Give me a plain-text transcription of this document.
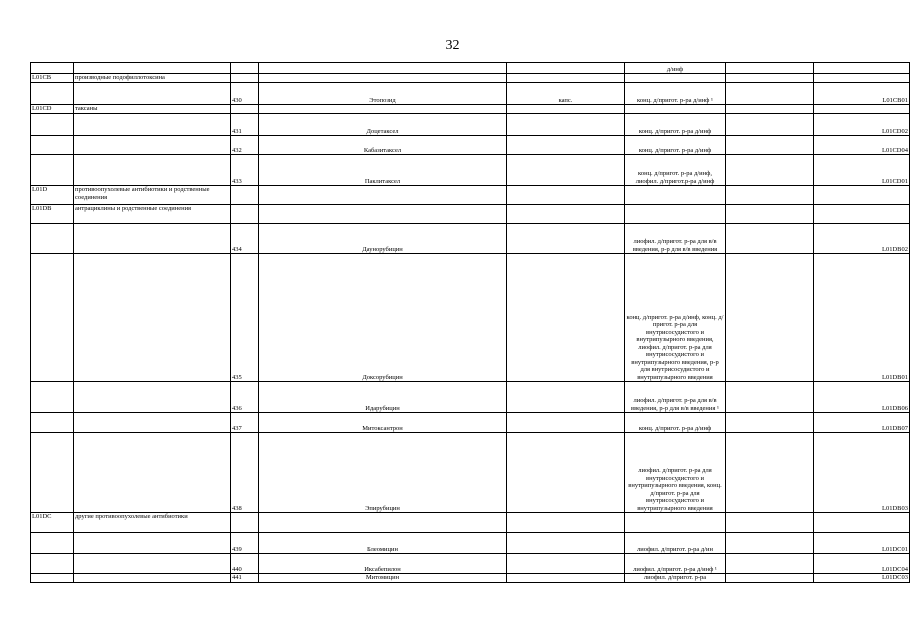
32
					д/инф		
L01CB	производные подофиллотоксина						
		430	Этопозид	капс.	конц. д/пригот. р-ра д/инф ¹		L01CB01
L01CD	таксаны						
		431	Доцетаксел		конц. д/пригот. р-ра д/инф		L01CD02
		432	Кабазитаксел		конц. д/пригот. р-ра д/инф		L01CD04
		433	Паклитаксел		конц. д/пригот. р-ра д/инф, лиофил. д/пригот.р-ра д/инф		L01CD01
L01D	противоопухолевые антибиотики и родственные соединения						
L01DB	антрациклины и родственные соединения						
		434	Даунорубицин		лиофил. д/пригот. р-ра для в/в введения, р-р для в/в введения		L01DB02
		435	Доксорубицин		конц. д/пригот. р-ра д/инф, конц. д/пригот. р-ра для внутрисосудистого и внутрипузырного введения, лиофил. д/пригот. р-ра для внутрисосудистого и внутрипузырного введения, р-р для внутрисосудистого и внутрипузырного введения		L01DB01
		436	Идарубицин		лиофил. д/пригот. р-ра для в/в введения, р-р для в/в введения ¹		L01DB06
		437	Митоксантрон		конц. д/пригот. р-ра д/инф		L01DB07
		438	Эпирубицин		лиофил. д/пригот. р-ра для внутрисосудистого и внутрипузырного введения, конц. д/пригот. р-ра для внутрисосудистого и внутрипузырного введения		L01DB03
L01DC	другие противоопухолевые антибиотики						
		439	Блеомицин		лиофил. д/пригот. р-ра д/ин		L01DC01
		440	Иксабепилон		лиофил. д/пригот. р-ра д/инф ¹		L01DC04
		441	Митомицин		лиофил. д/пригот. р-ра		L01DC03
